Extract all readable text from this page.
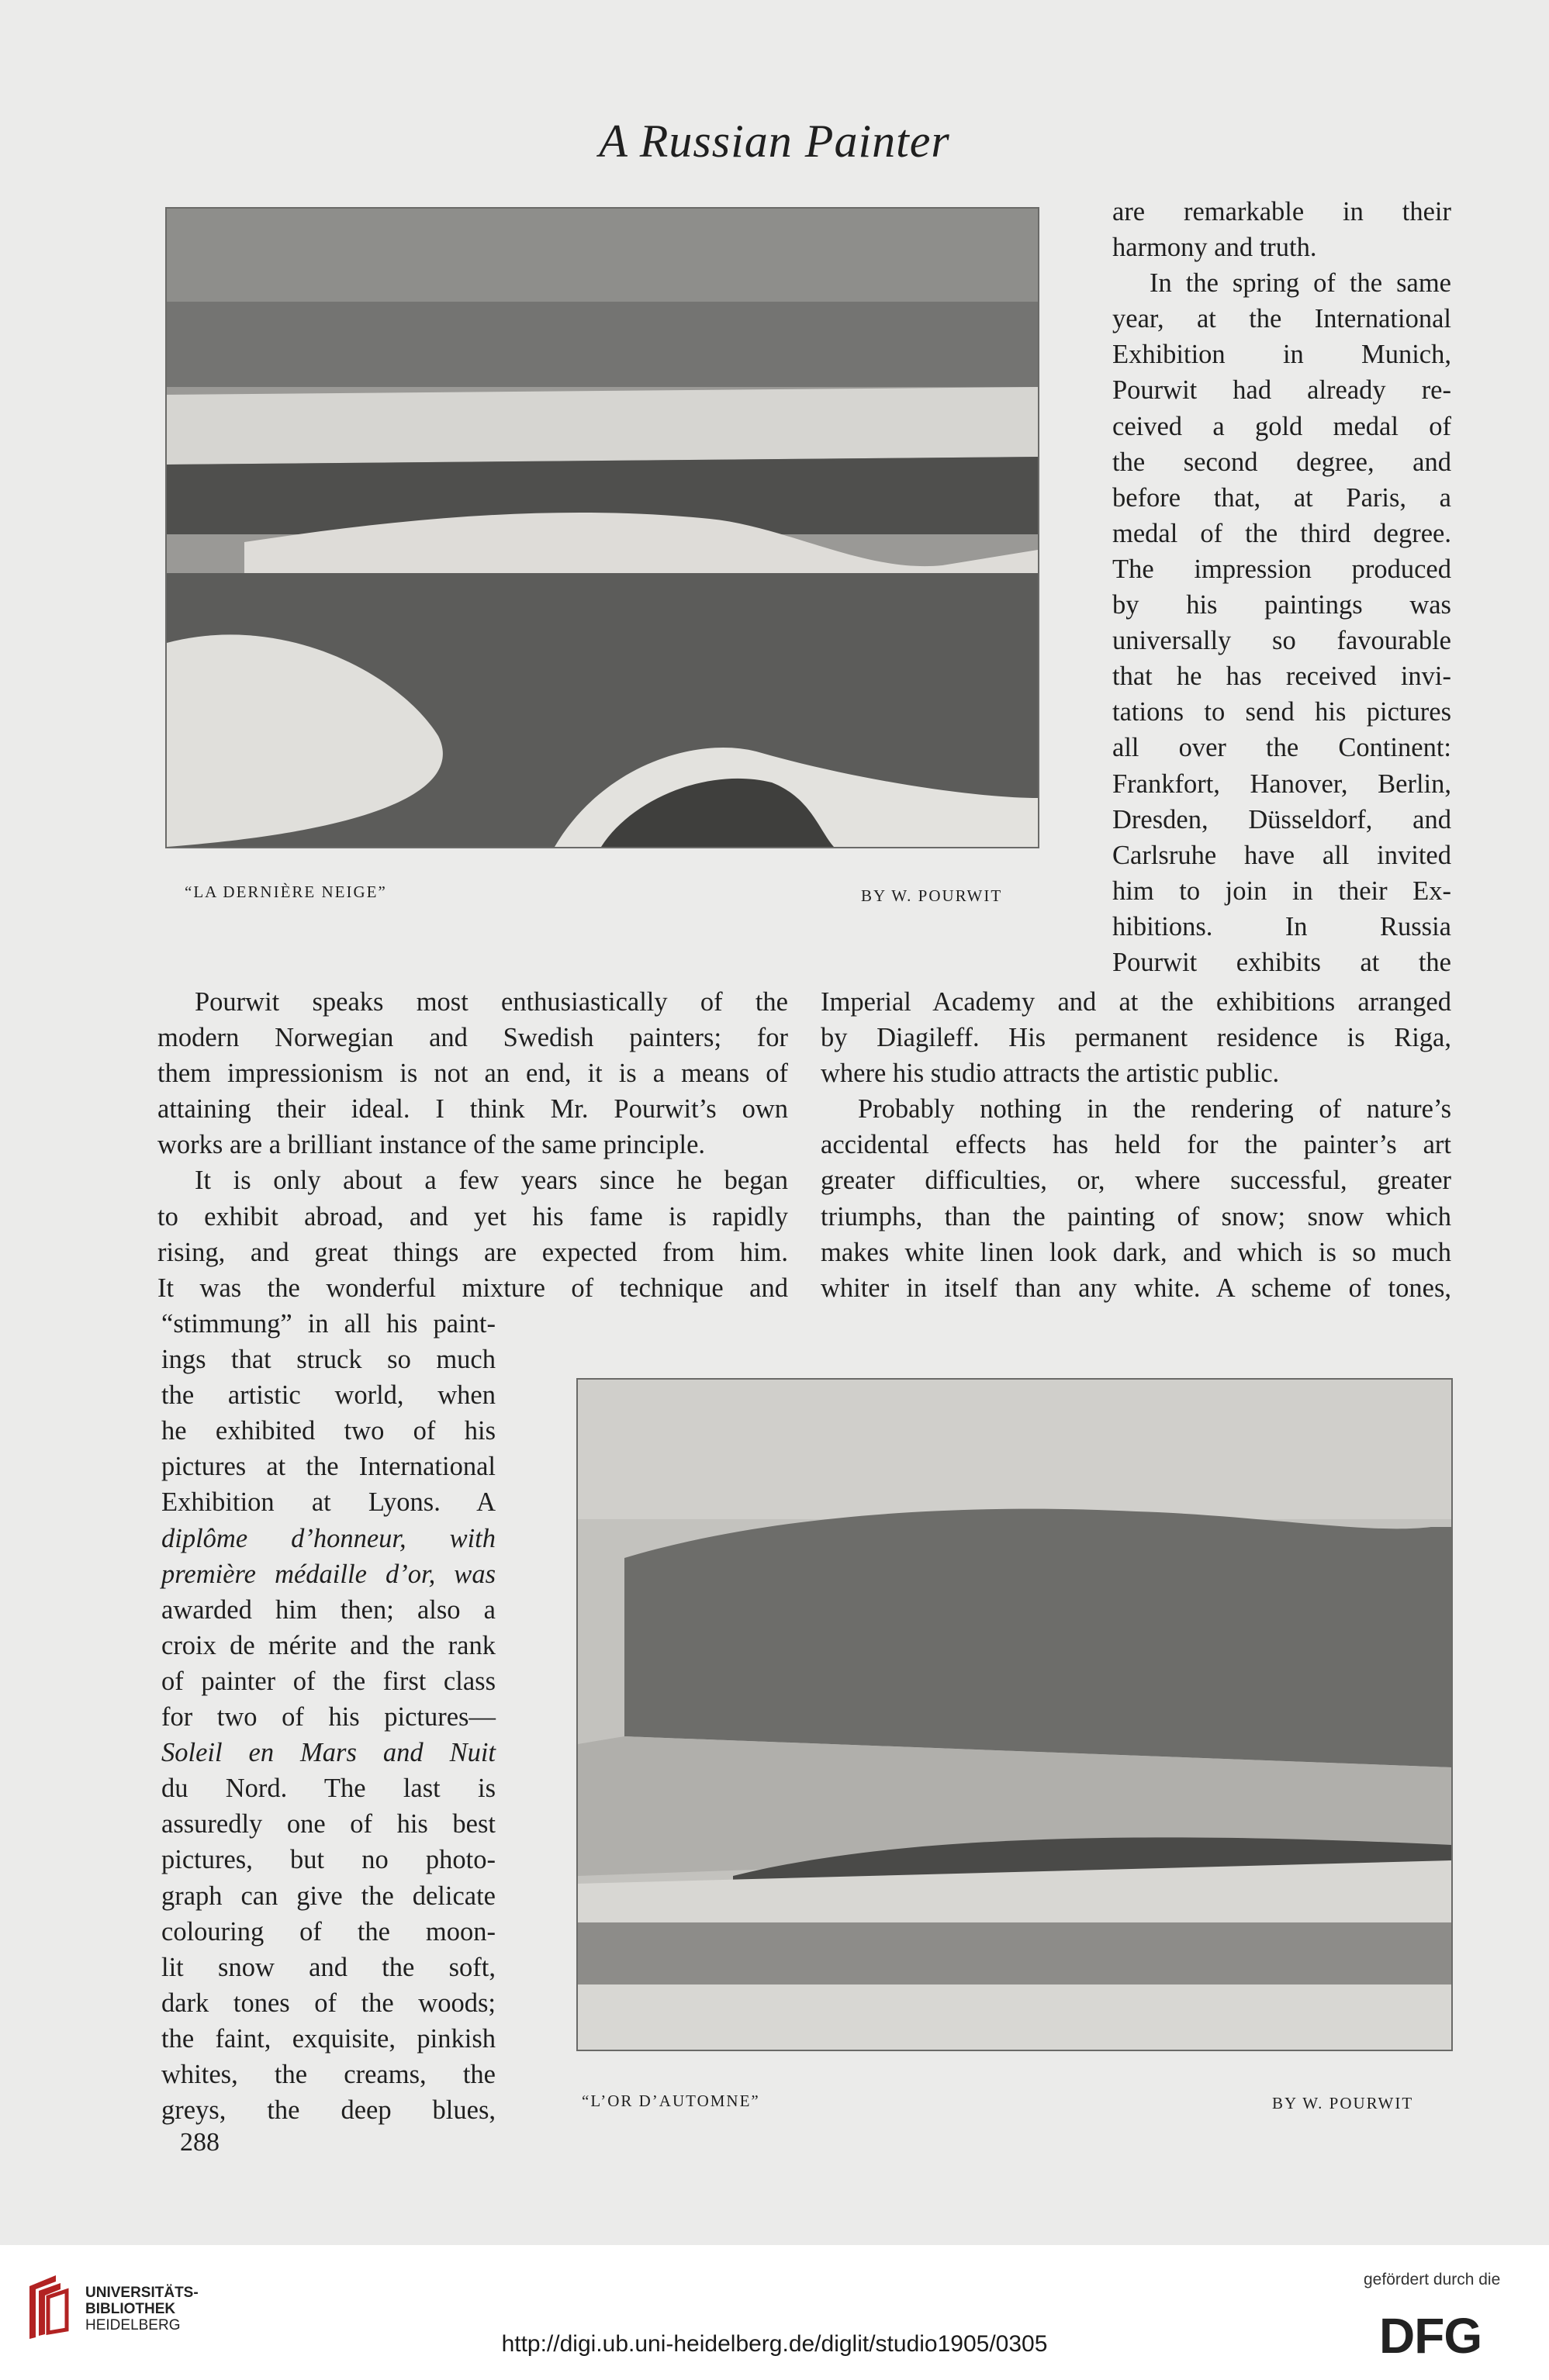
A Russian Painter
“LA DERNIÈRE NEIGE”	BY W. POURWIT
are remarkable in their
harmony and truth.
In the spring of the same
year, at the International
Exhibition in Munich,
Pourwit had already re-
ceived a gold medal of
the second degree, and
before that, at Paris, a
medal of the third degree.
The impression produced
by his paintings was
universally so favourable
that he has received invi-
tations to send his pictures
all over the Continent:
Frankfort, Hanover, Berlin,
Dresden, Düsseldorf, and
Carlsruhe have all invited
him to join in their Ex-
hibitions. In Russia
Pourwit exhibits at the
Pourwit speaks most enthusiastically of the
modern Norwegian and Swedish painters; for
them impressionism is not an end, it is a means of
attaining their ideal. I think Mr. Pourwit’s own
works are a brilliant instance of the same principle.
It is only about a few years since he began
to exhibit abroad, and yet his fame is rapidly
rising, and great things are expected from him.
It was the wonderful mixture of technique and
Imperial Academy and at the exhibitions arranged
by Diagileff. His permanent residence is Riga,
where his studio attracts the artistic public.
Probably nothing in the rendering of nature’s
accidental effects has held for the painter’s art
greater difficulties, or, where successful, greater
triumphs, than the painting of snow; snow which
makes white linen look dark, and which is so much
whiter in itself than any white. A scheme of tones,
“stimmung” in all his paint-
ings that struck so much
the artistic world, when
he exhibited two of his
pictures at the International
Exhibition at Lyons. A
diplôme d’honneur, with
première médaille d’or, was
awarded him then; also a
croix de mérite and the rank
of painter of the first class
for two of his pictures—
Soleil en Mars and Nuit
du Nord. The last is
assuredly one of his best
pictures, but no photo-
graph can give the delicate
colouring of the moon-
lit snow and the soft,
dark tones of the woods;
the faint, exquisite, pinkish
whites, the creams, the
greys, the deep blues,	“L’OR D’AUTOMNE”	BY W. POURWIT
288
UNIVERSITÄTS-
BIBLIOTHEK
HEIDELBERG
http://digi.ub.uni-heidelberg.de/diglit/studio1905/0305
gefördert durch die
DFG
